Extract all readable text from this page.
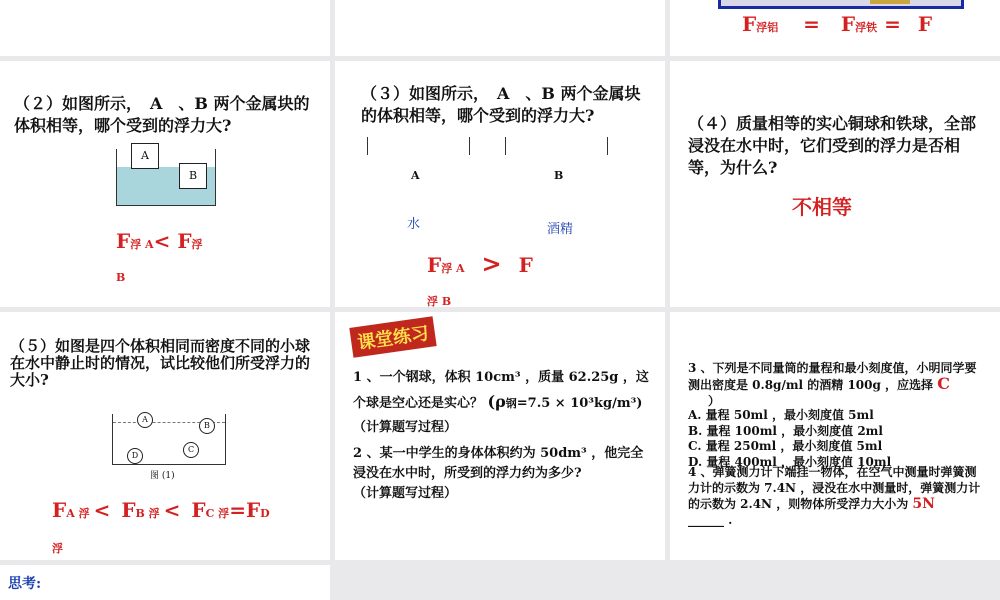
F浮铝 = F浮铁 = F
（２）如图所示，　A　、B 两个金属块的体积相等，哪个受到的浮力大?
A
B
F浮 A< F浮
B
（３）如图所示，　A　、B 两个金属块的体积相等，哪个受到的浮力大?
A	B
水	酒精
F浮 A > F
浮 B
（４）质量相等的实心铜球和铁球，全部浸没在水中时，它们受到的浮力是否相等，为什么?
不相等
（５）如图是四个体积相同而密度不同的小球在水中静止时的情况，试比较他们所受浮力的大小?
A
B
C
D
图 (1)
FA 浮 < FB 浮 < FC 浮=FD
浮
课堂练习
1 、一个钢球，体积 10cm³ ，质量 62.25g ，这个球是空心还是实心？ (ρ钢=7.5 × 10³kg/m³)
（计算题写过程）
2 、某一中学生的身体体积约为 50dm³ ，他完全浸没在水中时，所受到的浮力约为多少?
（计算题写过程）
3 、下列是不同量筒的量程和最小刻度值，小明同学要测出密度是 0.8g/ml 的酒精 100g ，应选择 C
）
A. 量程 50ml ，最小刻度值 5ml
B. 量程 100ml ，最小刻度值 2ml
C. 量程 250ml ，最小刻度值 5ml
D. 量程 400ml ，最小刻度值 10ml
4 、弹簧测力计下端挂一物体，在空气中测量时弹簧测力计的示数为 7.4N ，浸没在水中测量时，弹簧测力计的示数为 2.4N ，则物体所受浮力大小为 5N
______ .
思考:
